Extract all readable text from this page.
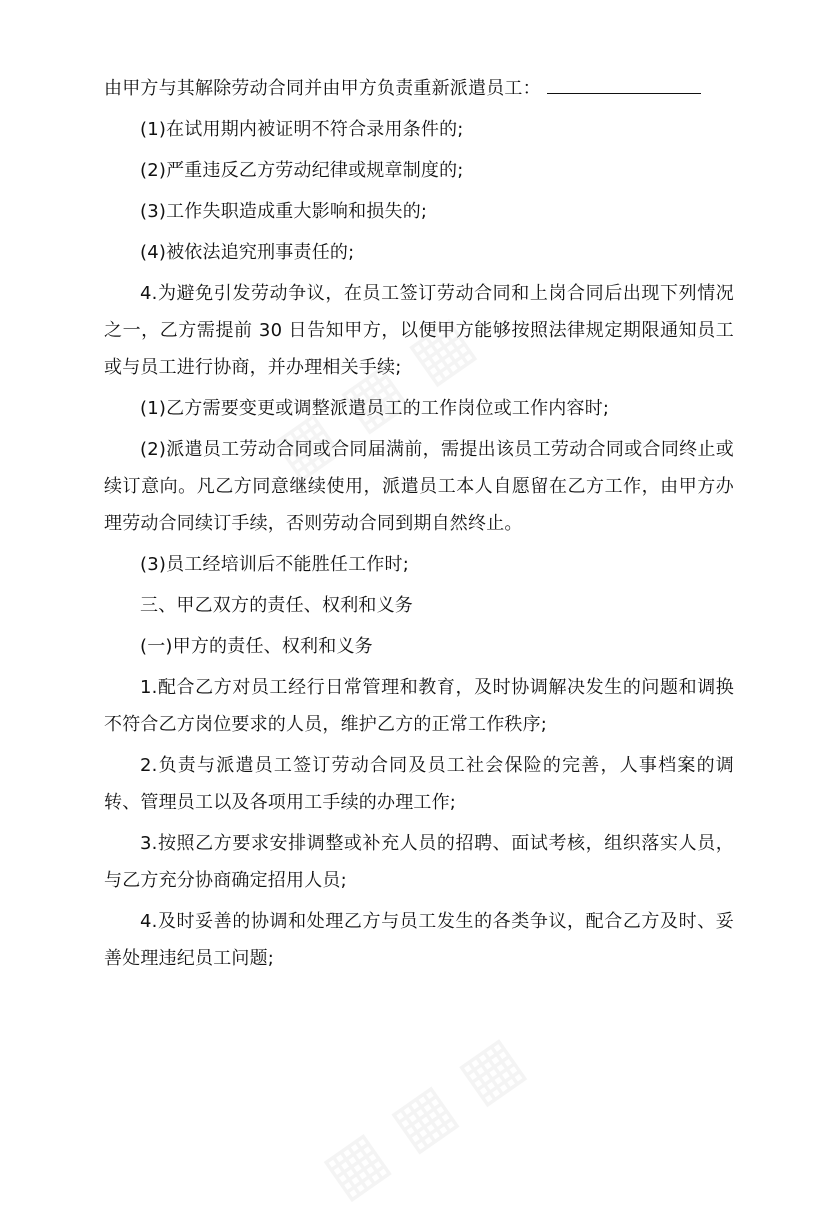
由甲方与其解除劳动合同并由甲方负责重新派遣员工：

(1)在试用期内被证明不符合录用条件的;

(2)严重违反乙方劳动纪律或规章制度的;

(3)工作失职造成重大影响和损失的;

(4)被依法追究刑事责任的;

4.为避免引发劳动争议，在员工签订劳动合同和上岗合同后出现下列情况之一，乙方需提前 30 日告知甲方，以便甲方能够按照法律规定期限通知员工或与员工进行协商，并办理相关手续;

(1)乙方需要变更或调整派遣员工的工作岗位或工作内容时;

(2)派遣员工劳动合同或合同届满前，需提出该员工劳动合同或合同终止或续订意向。凡乙方同意继续使用，派遣员工本人自愿留在乙方工作，由甲方办理劳动合同续订手续，否则劳动合同到期自然终止。

(3)员工经培训后不能胜任工作时;

三、甲乙双方的责任、权利和义务

(一)甲方的责任、权利和义务

1.配合乙方对员工经行日常管理和教育，及时协调解决发生的问题和调换不符合乙方岗位要求的人员，维护乙方的正常工作秩序;

2.负责与派遣员工签订劳动合同及员工社会保险的完善，人事档案的调转、管理员工以及各项用工手续的办理工作;

3.按照乙方要求安排调整或补充人员的招聘、面试考核，组织落实人员，与乙方充分协商确定招用人员;

4.及时妥善的协调和处理乙方与员工发生的各类争议，配合乙方及时、妥善处理违纪员工问题;
